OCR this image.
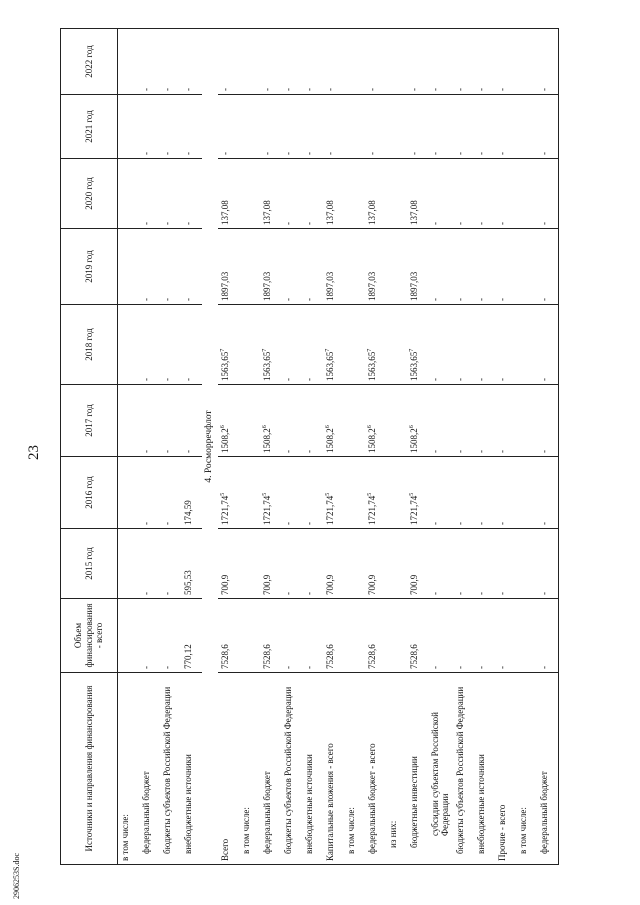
23
Источники и направления финансирования	Объем финансирования - всего	2015 год	2016 год	2017 год	2018 год	2019 год	2020 год	2021 год	2022 год
в том числе:									
федеральный бюджет	-	-	-	-	-	-	-	-	-
бюджеты субъектов Российской Федерации	-	-	-	-	-	-	-	-	-
внебюджетные источники	770,12	595,53	174,59	-	-	-	-	-	-
4. Росморречфлот									
Всего	7528,6	700,9	1721,74$^5$	1508,2$^6$	1563,65$^7$	1897,03	137,08	-	-
в том числе:									
федеральный бюджет	7528,6	700,9	1721,74$^5$	1508,2$^6$	1563,65$^7$	1897,03	137,08	-	-
бюджеты субъектов Российской Федерации	-	-	-	-	-	-	-	-	-
внебюджетные источники	-	-	-	-	-	-	-	-	-
Капитальные вложения - всего	7528,6	700,9	1721,74$^5$	1508,2$^6$	1563,65$^7$	1897,03	137,08	-	-
в том числе:									
федеральный бюджет - всего	7528,6	700,9	1721,74$^5$	1508,2$^6$	1563,65$^7$	1897,03	137,08	-	-
из них:									
бюджетные инвестиции	7528,6	700,9	1721,74$^5$	1508,2$^6$	1563,65$^7$	1897,03	137,08	-	-
субсидии субъектам Российской Федерации	-	-	-	-	-	-	-	-	-
бюджеты субъектов Российской Федерации	-	-	-	-	-	-	-	-	-
внебюджетные источники	-	-	-	-	-	-	-	-	-
Прочие - всего	-	-	-	-	-	-	-	-	-
в том числе:									
федеральный бюджет	-	-	-	-	-	-	-	-	-
2906253S.doc
